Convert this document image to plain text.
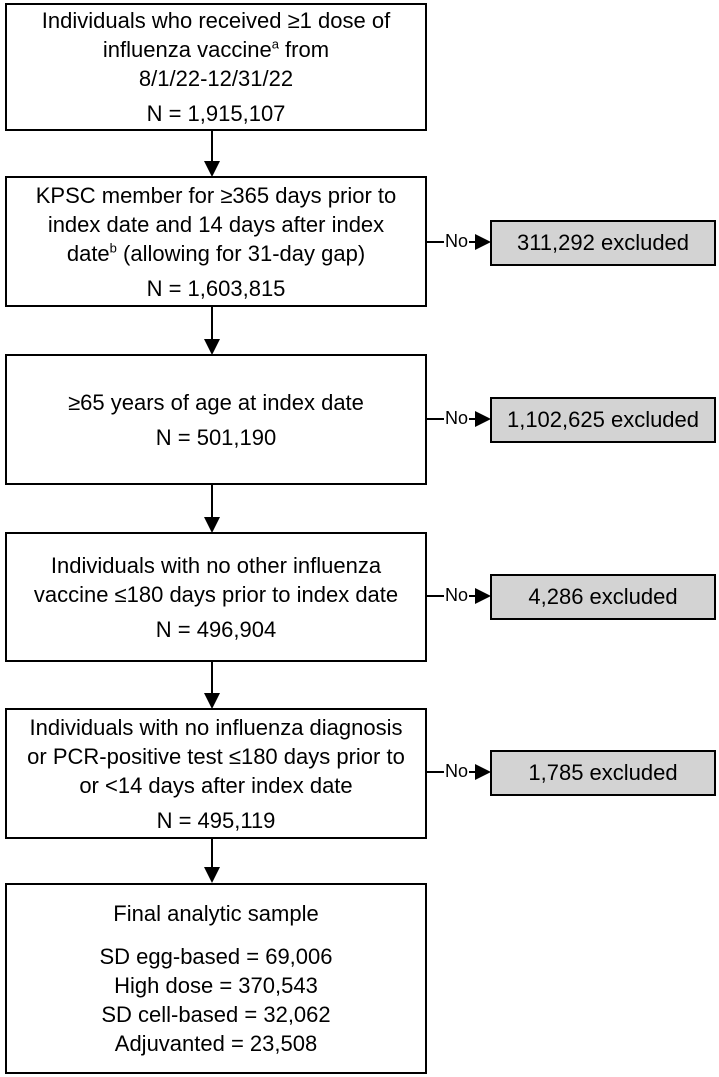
Individuals who received ≥1 dose of
influenza vaccine$^a$ from
8/1/22-12/31/22
N = 1,915,107
KPSC member for ≥365 days prior to
index date and 14 days after index
date$^b$ (allowing for 31-day gap)
N = 1,603,815
No	311,292 excluded
≥65 years of age at index date
N = 501,190
No	1,102,625 excluded
Individuals with no other influenza
vaccine ≤180 days prior to index date
N = 496,904
No	4,286 excluded
Individuals with no influenza diagnosis
or PCR-positive test ≤180 days prior to
or <14 days after index date
N = 495,119
No	1,785 excluded
Final analytic sample
SD egg-based = 69,006
High dose = 370,543
SD cell-based = 32,062
Adjuvanted = 23,508
